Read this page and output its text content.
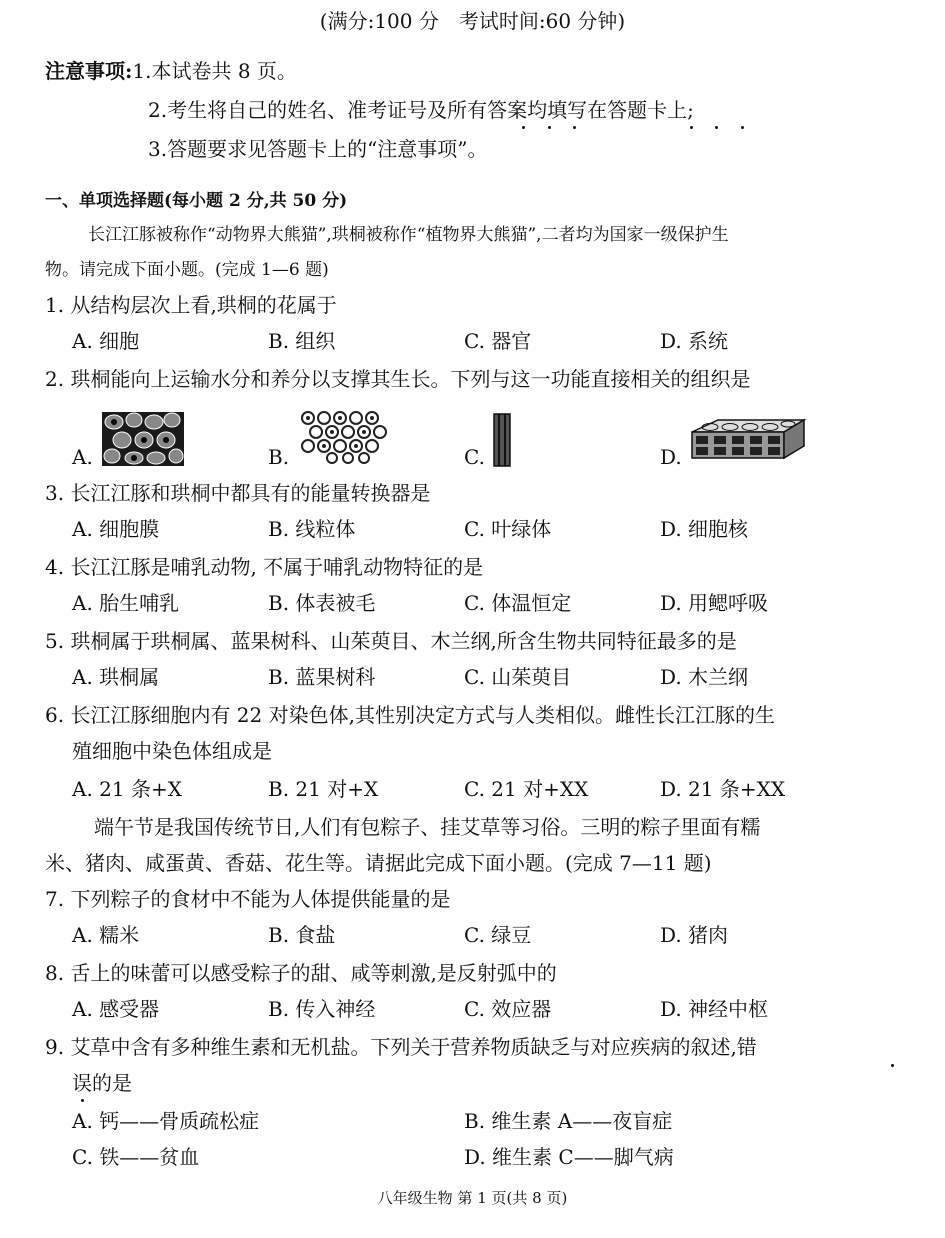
(满分:100 分　考试时间:60 分钟)
注意事项:1.本试卷共 8 页。
2.考生将自己的姓名、准考证号及所有答案均填写在答题卡上;
3.答题要求见答题卡上的“注意事项”。
一、单项选择题(每小题 2 分,共 50 分)
长江江豚被称作“动物界大熊猫”,珙桐被称作“植物界大熊猫”,二者均为国家一级保护生
物。请完成下面小题。(完成 1—6 题)
1. 从结构层次上看,珙桐的花属于
A. 细胞	B. 组织	C. 器官	D. 系统
2. 珙桐能向上运输水分和养分以支撑其生长。下列与这一功能直接相关的组织是
A.	B.	C.	D.
3. 长江江豚和珙桐中都具有的能量转换器是
A. 细胞膜	B. 线粒体	C. 叶绿体	D. 细胞核
4. 长江江豚是哺乳动物, 不属于哺乳动物特征的是
A. 胎生哺乳	B. 体表被毛	C. 体温恒定	D. 用鳃呼吸
5. 珙桐属于珙桐属、蓝果树科、山茱萸目、木兰纲,所含生物共同特征最多的是
A. 珙桐属	B. 蓝果树科	C. 山茱萸目	D. 木兰纲
6. 长江江豚细胞内有 22 对染色体,其性别决定方式与人类相似。雌性长江江豚的生
殖细胞中染色体组成是
A. 21 条+X	B. 21 对+X	C. 21 对+XX	D. 21 条+XX
端午节是我国传统节日,人们有包粽子、挂艾草等习俗。三明的粽子里面有糯
米、猪肉、咸蛋黄、香菇、花生等。请据此完成下面小题。(完成 7—11 题)
7. 下列粽子的食材中不能为人体提供能量的是
A. 糯米	B. 食盐	C. 绿豆	D. 猪肉
8. 舌上的味蕾可以感受粽子的甜、咸等刺激,是反射弧中的
A. 感受器	B. 传入神经	C. 效应器	D. 神经中枢
9. 艾草中含有多种维生素和无机盐。下列关于营养物质缺乏与对应疾病的叙述,错
误的是
A. 钙——骨质疏松症	B. 维生素 A——夜盲症
C. 铁——贫血	D. 维生素 C——脚气病
八年级生物 第 1 页(共 8 页)
